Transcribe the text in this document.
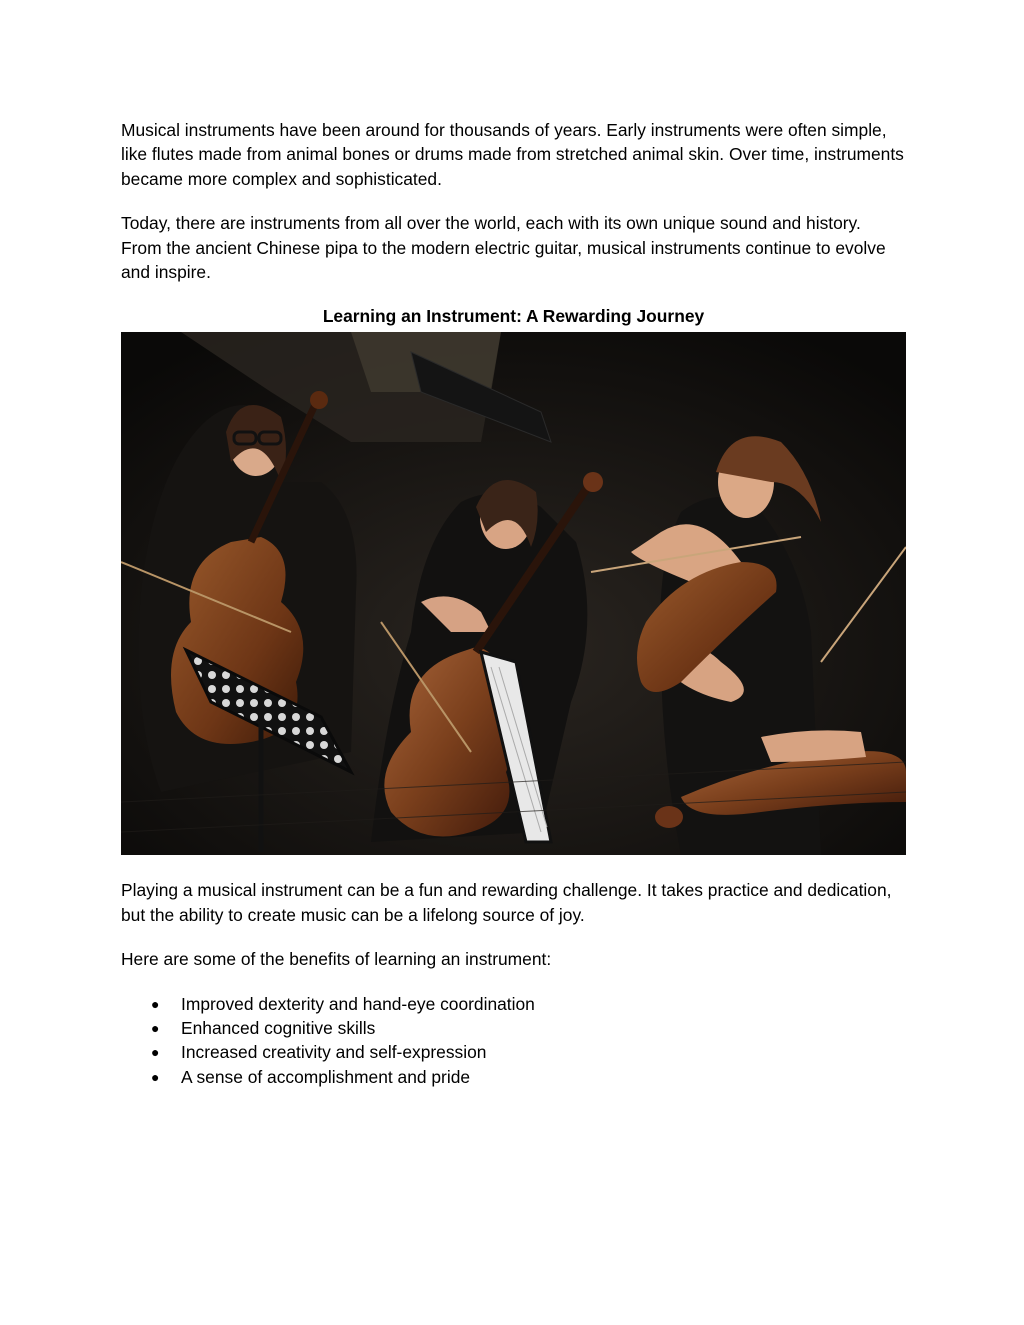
Musical instruments have been around for thousands of years. Early instruments were often simple, like flutes made from animal bones or drums made from stretched animal skin. Over time, instruments became more complex and sophisticated.

Today, there are instruments from all over the world, each with its own unique sound and history. From the ancient Chinese pipa to the modern electric guitar, musical instruments continue to evolve and inspire.

Learning an Instrument: A Rewarding Journey

Playing a musical instrument can be a fun and rewarding challenge. It takes practice and dedication, but the ability to create music can be a lifelong source of joy.

Here are some of the benefits of learning an instrument:

● Improved dexterity and hand-eye coordination
● Enhanced cognitive skills
● Increased creativity and self-expression
● A sense of accomplishment and pride
